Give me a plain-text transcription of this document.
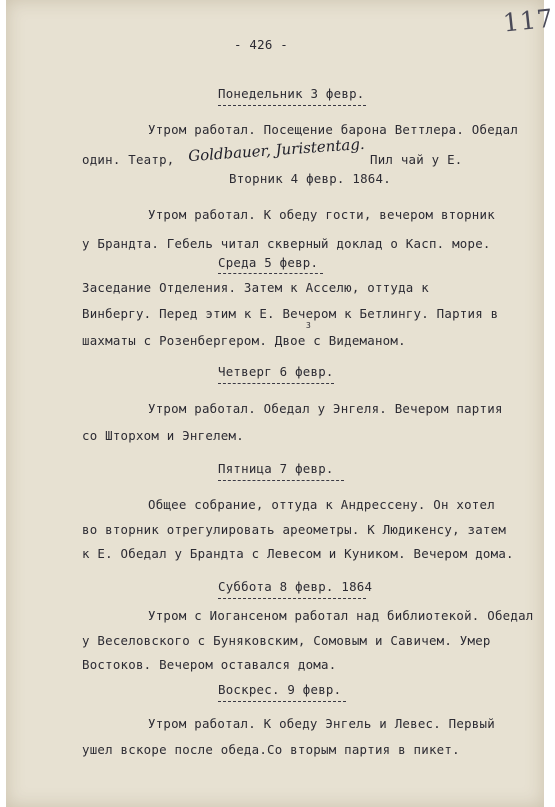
117
- 426 -
Понедельник 3 февр.
Утром работал. Посещение барона Веттлера. Обедал
один. Театр, Goldbauer, Juristentag. Пил чай у Е.
Вторник 4 февр. 1864.
Утром работал. К обеду гости, вечером вторник
у Брандта. Гебель читал скверный доклад о Касп. море.
Среда 5 февр.
Заседание Отделения. Затем к Асселю, оттуда к
Винбергу. Перед этим к Е. Вечером к Бетлингу. Партия в
шахматы с Розенбергером. Двое с Видеманом.
3
Четверг 6 февр.
Утром работал. Обедал у Энгеля. Вечером партия
со Шторхом и Энгелем.
Пятница 7 февр.
Общее собрание, оттуда к Андрессену. Он хотел
во вторник отрегулировать ареометры. К Людикенсу, затем
к Е. Обедал у Брандта с Левесом и Куником. Вечером дома.
Суббота 8 февр. 1864
Утром с Иогансеном работал над библиотекой. Обедал
у Веселовского с Буняковским, Сомовым и Савичем. Умер
Востоков. Вечером оставался дома.
Воскрес. 9 февр.
Утром работал. К обеду Энгель и Левес. Первый
ушел вскоре после обеда.Со вторым партия в пикет.
